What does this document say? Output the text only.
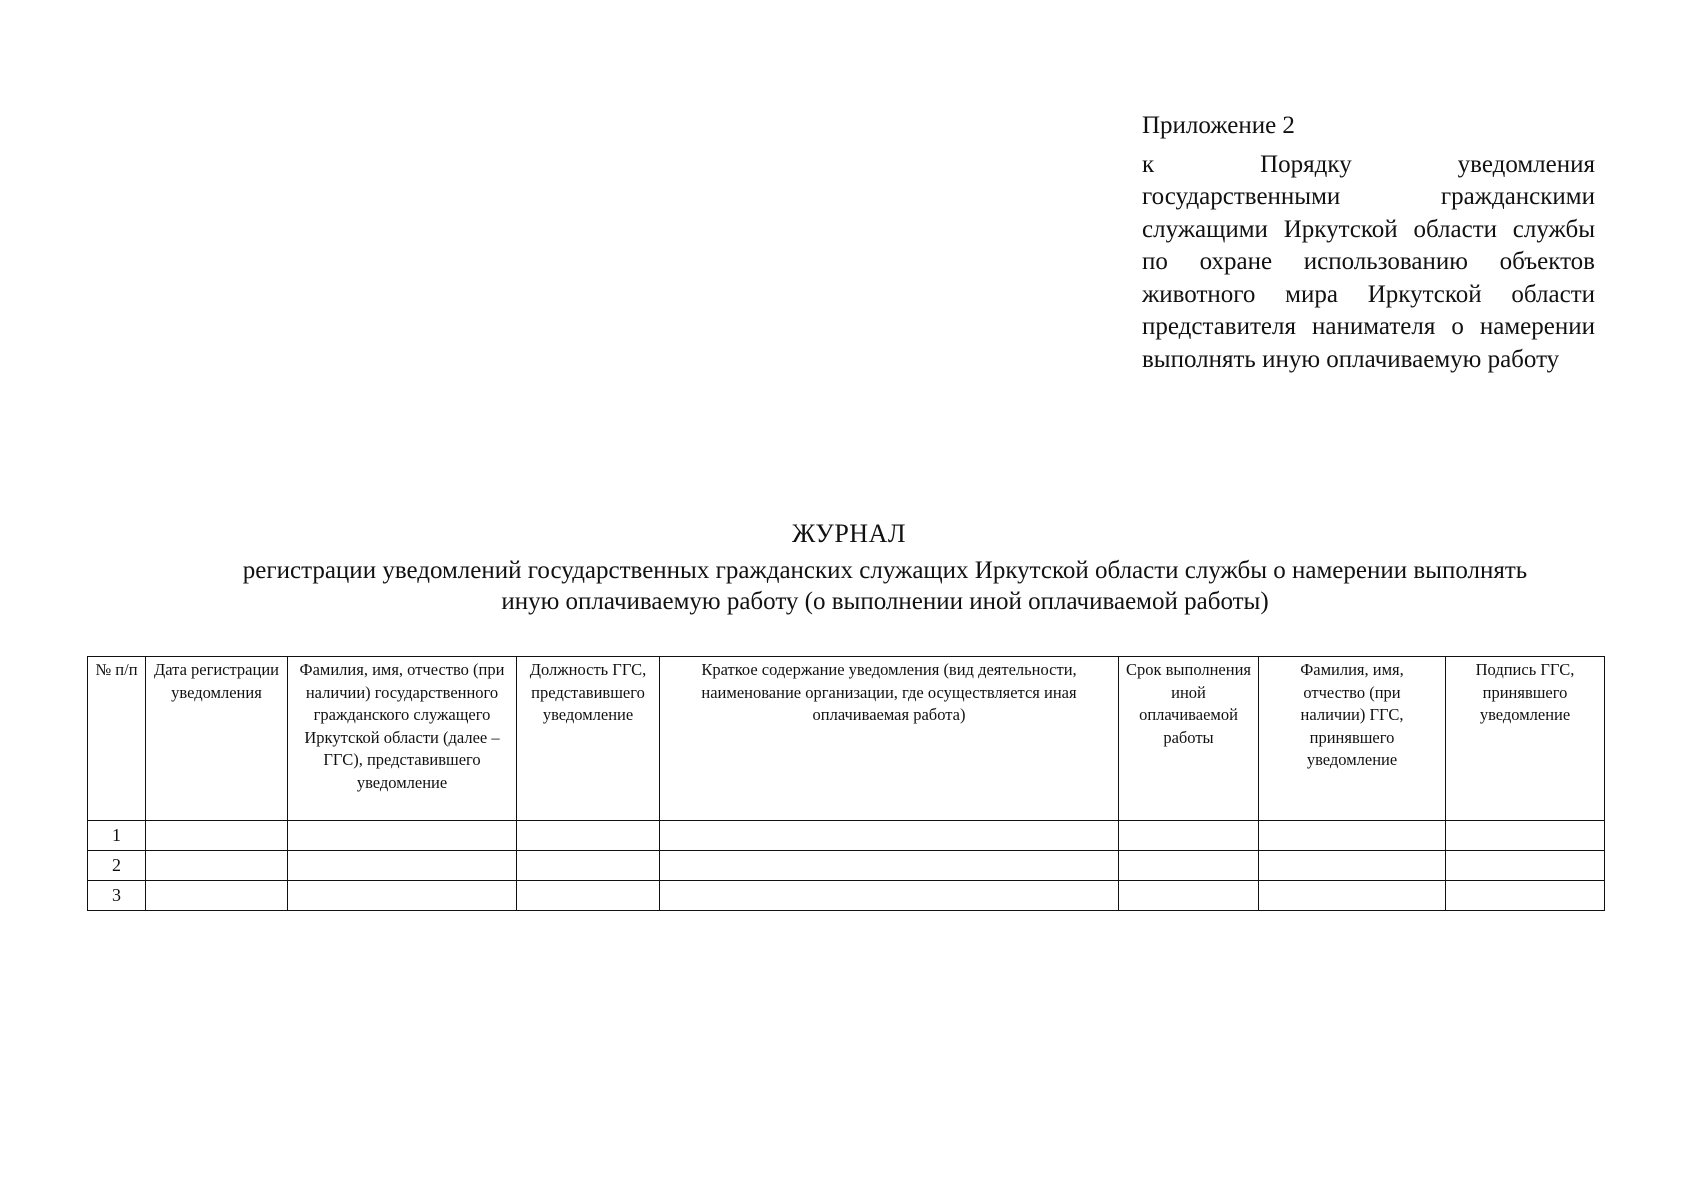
Приложение 2

к Порядку уведомления государственными гражданскими служащими Иркутской области службы по охране использованию объектов животного мира Иркутской области представителя нанимателя о намерении выполнять иную оплачиваемую работу

ЖУРНАЛ

регистрации уведомлений государственных гражданских служащих Иркутской области службы о намерении выполнять иную оплачиваемую работу (о выполнении иной оплачиваемой работы)

№ п/п	Дата регистрации уведомления	Фамилия, имя, отчество (при наличии) государственного гражданского служащего Иркутской области (далее – ГГС), представившего уведомление	Должность ГГС, представившего уведомление	Краткое содержание уведомления (вид деятельности, наименование организации, где осуществляется иная оплачиваемая работа)	Срок выполнения иной оплачиваемой работы	Фамилия, имя, отчество (при наличии) ГГС, принявшего уведомление	Подпись ГГС, принявшего уведомление
1							
2							
3							
